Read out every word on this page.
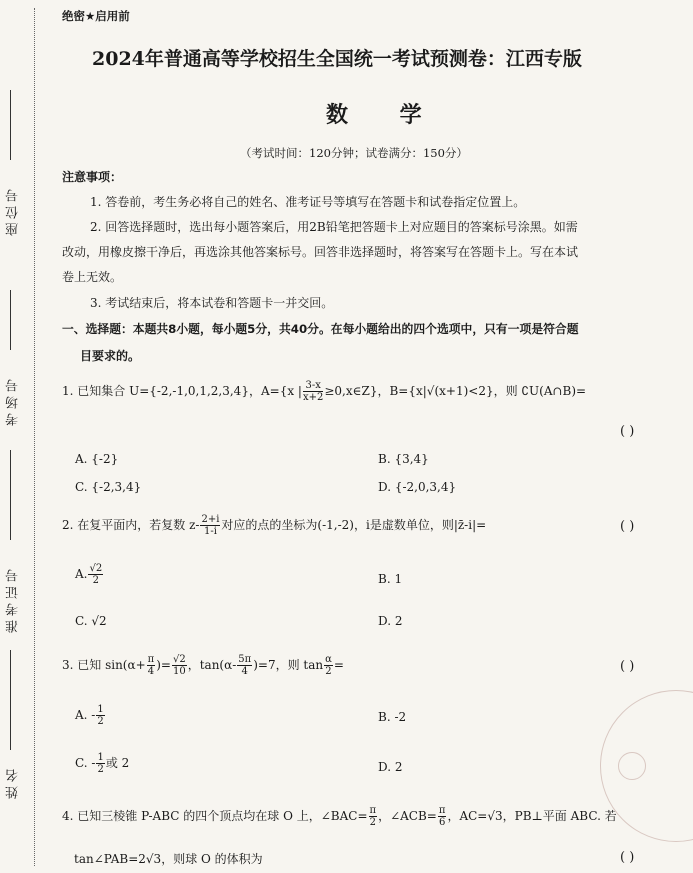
座位号
考场号
准考证号
姓名
绝密★启用前
2024年普通高等学校招生全国统一考试预测卷：江西专版
数 学
（考试时间：120分钟；试卷满分：150分）
注意事项：
1. 答卷前，考生务必将自己的姓名、准考证号等填写在答题卡和试卷指定位置上。
2. 回答选择题时，选出每小题答案后，用2B铅笔把答题卡上对应题目的答案标号涂黑。如需
改动，用橡皮擦干净后，再选涂其他答案标号。回答非选择题时，将答案写在答题卡上。写在本试
卷上无效。
3. 考试结束后，将本试卷和答题卡一并交回。
一、选择题：本题共8小题，每小题5分，共40分。在每小题给出的四个选项中，只有一项是符合题
目要求的。
1. 已知集合 U={-2,-1,0,1,2,3,4}，A={x | $\frac{3-x}{x+2}$ ≥0,x∈Z}，B={x|√(x+1)<2}，则 ∁U(A∩B)=
( )
A. {-2}	B. {3,4}
C. {-2,3,4}	D. {-2,0,3,4}
2. 在复平面内，若复数 $z- \frac{2+i}{1-i}$ 对应的点的坐标为(-1,-2)，i是虚数单位，则|z̄-i|=	( )
A. $\frac{√2}{2}$	B. 1
C. √2	D. 2
3. 已知 $\sin(\alpha+ \frac{\pi}{4}$ )= $\frac{√2}{10}$ ，$\tan(\alpha- \frac{5\pi}{4} )=7$，则 $\tan \frac{\alpha}{2}$ =	( )
A. - $\frac{1}{2}$	B. -2
C. - $\frac{1}{2}$ 或 2	D. 2
4. 已知三棱锥 P-ABC 的四个顶点均在球 O 上，∠BAC= $\frac{\pi}{2}$ ，∠ACB= $\frac{\pi}{6}$ ，AC=√3，PB⊥平面 ABC. 若
tan∠PAB=2√3，则球 O 的体积为	( )
